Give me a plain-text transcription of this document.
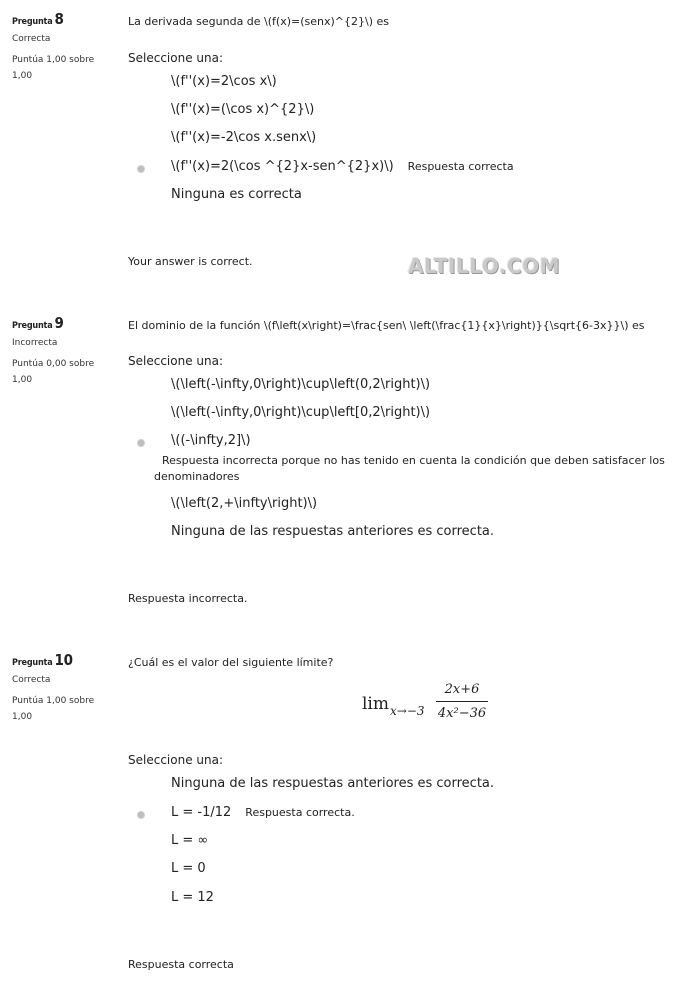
Pregunta 8
Correcta
Puntúa 1,00 sobre 1,00
La derivada segunda de \(f(x)=(senx)^{2}\) es
Seleccione una:
\(f''(x)=2\cos x\)
\(f''(x)=(\cos x)^{2}\)
\(f''(x)=-2\cos x.senx\)
\(f''(x)=2(\cos ^{2}x-sen^{2}x)\) Respuesta correcta
Ninguna es correcta
Your answer is correct.	ALTILLO.COM
Pregunta 9
Incorrecta
Puntúa 0,00 sobre 1,00
El dominio de la función \(f\left(x\right)=\frac{sen\ \left(\frac{1}{x}\right)}{\sqrt{6-3x}}\) es
Seleccione una:
\(\left(-\infty,0\right)\cup\left(0,2\right)\)
\(\left(-\infty,0\right)\cup\left[0,2\right)\)
\((-\infty,2]\)
Respuesta incorrecta porque no has tenido en cuenta la condición que deben satisfacer los
denominadores
\(\left(2,+\infty\right)\)
Ninguna de las respuestas anteriores es correcta.
Respuesta incorrecta.
Pregunta 10
Correcta
Puntúa 1,00 sobre 1,00
¿Cuál es el valor del siguiente límite?
lim x→−3
2x+6
4x²−36
Seleccione una:
Ninguna de las respuestas anteriores es correcta.
L = -1/12 Respuesta correcta.
L = ∞
L = 0
L = 12
Respuesta correcta
